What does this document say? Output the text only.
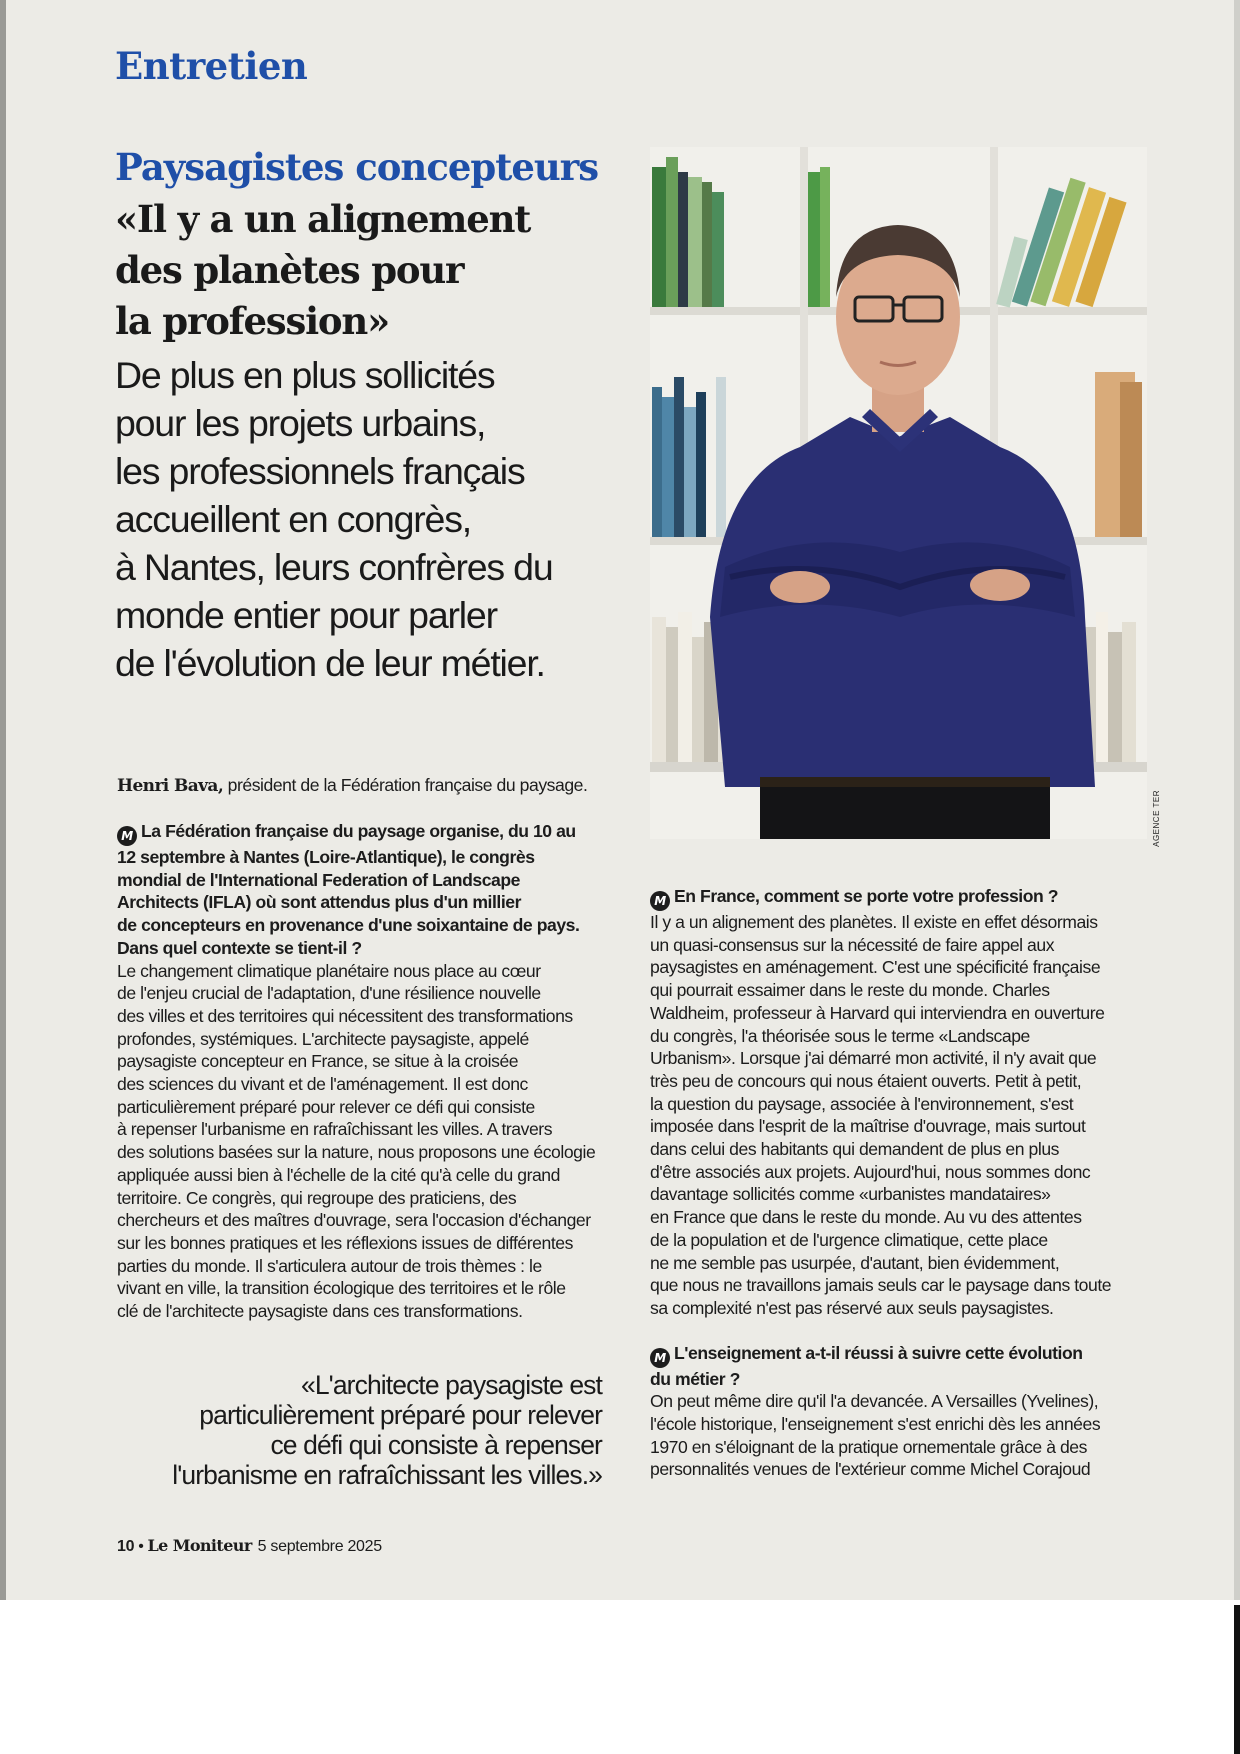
Entretien
Paysagistes concepteurs
«Il y a un alignement
des planètes pour
la profession»
De plus en plus sollicités
pour les projets urbains,
les professionnels français
accueillent en congrès,
à Nantes, leurs confrères du
monde entier pour parler
de l'évolution de leur métier.
AGENCE TER
Henri Bava, président de la Fédération française du paysage.
M La Fédération française du paysage organise, du 10 au
12 septembre à Nantes (Loire-Atlantique), le congrès
mondial de l'International Federation of Landscape
Architects (IFLA) où sont attendus plus d'un millier
de concepteurs en provenance d'une soixantaine de pays.
Dans quel contexte se tient-il ?
Le changement climatique planétaire nous place au cœur
de l'enjeu crucial de l'adaptation, d'une résilience nouvelle
des villes et des territoires qui nécessitent des transformations
profondes, systémiques. L'architecte paysagiste, appelé
paysagiste concepteur en France, se situe à la croisée
des sciences du vivant et de l'aménagement. Il est donc
particulièrement préparé pour relever ce défi qui consiste
à repenser l'urbanisme en rafraîchissant les villes. A travers
des solutions basées sur la nature, nous proposons une écologie
appliquée aussi bien à l'échelle de la cité qu'à celle du grand
territoire. Ce congrès, qui regroupe des praticiens, des
chercheurs et des maîtres d'ouvrage, sera l'occasion d'échanger
sur les bonnes pratiques et les réflexions issues de différentes
parties du monde. Il s'articulera autour de trois thèmes : le
vivant en ville, la transition écologique des territoires et le rôle
clé de l'architecte paysagiste dans ces transformations.
«L'architecte paysagiste est
particulièrement préparé pour relever
ce défi qui consiste à repenser
l'urbanisme en rafraîchissant les villes.»
M En France, comment se porte votre profession ?
Il y a un alignement des planètes. Il existe en effet désormais
un quasi-consensus sur la nécessité de faire appel aux
paysagistes en aménagement. C'est une spécificité française
qui pourrait essaimer dans le reste du monde. Charles
Waldheim, professeur à Harvard qui interviendra en ouverture
du congrès, l'a théorisée sous le terme «Landscape
Urbanism». Lorsque j'ai démarré mon activité, il n'y avait que
très peu de concours qui nous étaient ouverts. Petit à petit,
la question du paysage, associée à l'environnement, s'est
imposée dans l'esprit de la maîtrise d'ouvrage, mais surtout
dans celui des habitants qui demandent de plus en plus
d'être associés aux projets. Aujourd'hui, nous sommes donc
davantage sollicités comme «urbanistes mandataires»
en France que dans le reste du monde. Au vu des attentes
de la population et de l'urgence climatique, cette place
ne me semble pas usurpée, d'autant, bien évidemment,
que nous ne travaillons jamais seuls car le paysage dans toute
sa complexité n'est pas réservé aux seuls paysagistes.
M L'enseignement a-t-il réussi à suivre cette évolution
du métier ?
On peut même dire qu'il l'a devancée. A Versailles (Yvelines),
l'école historique, l'enseignement s'est enrichi dès les années
1970 en s'éloignant de la pratique ornementale grâce à des
personnalités venues de l'extérieur comme Michel Corajoud
10 • Le Moniteur 5 septembre 2025
